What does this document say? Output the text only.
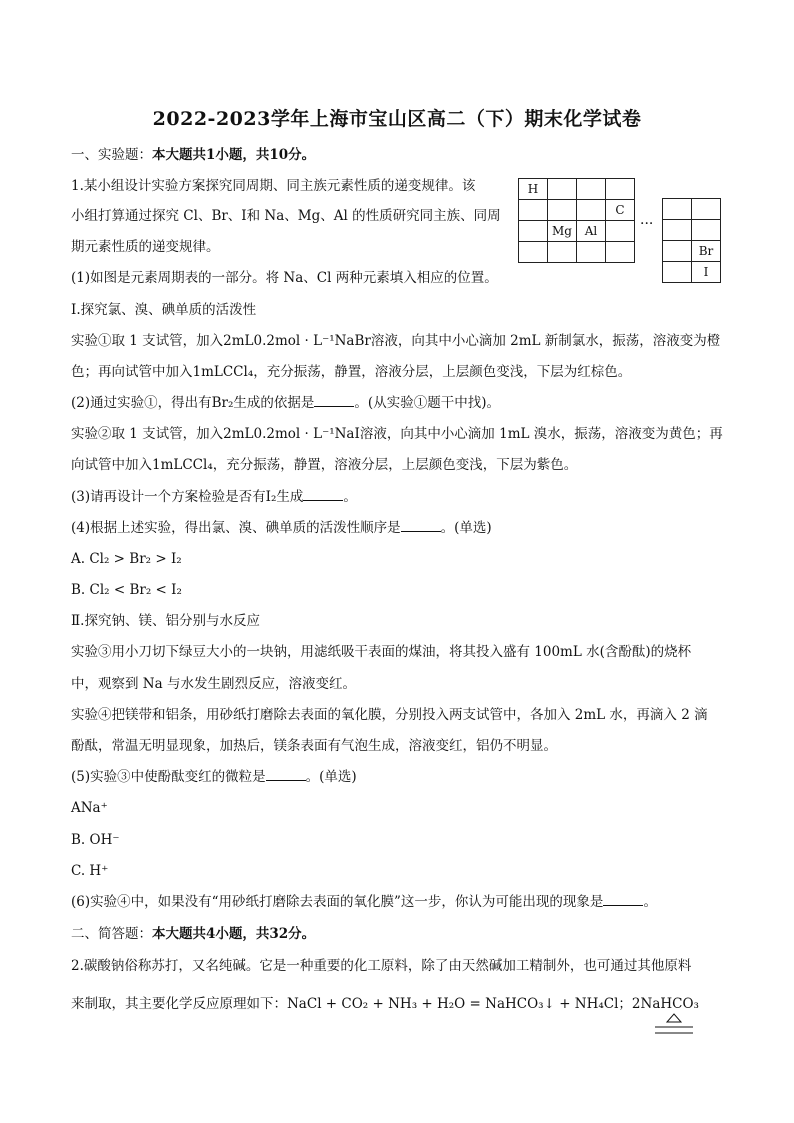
2022-2023学年上海市宝山区高二（下）期末化学试卷
一、实验题：本大题共1小题，共10分。
1.某小组设计实验方案探究同周期、同主族元素性质的递变规律。该
小组打算通过探究 Cl、Br、I和 Na、Mg、Al 的性质研究同主族、同周
期元素性质的递变规律。
(1)如图是元素周期表的一部分。将 Na、Cl 两种元素填入相应的位置。
H			
			C
	Mg	Al	
				···

	Br
	I
Ⅰ.探究氯、溴、碘单质的活泼性
实验①取 1 支试管，加入2mL0.2mol · L⁻¹NaBr溶液，向其中小心滴加 2mL 新制氯水，振荡，溶液变为橙
色；再向试管中加入1mLCCl₄，充分振荡，静置，溶液分层，上层颜色变浅，下层为红棕色。
(2)通过实验①，得出有Br₂生成的依据是	。(从实验①题干中找)。
实验②取 1 支试管，加入2mL0.2mol · L⁻¹NaI溶液，向其中小心滴加 1mL 溴水，振荡，溶液变为黄色；再
向试管中加入1mLCCl₄，充分振荡，静置，溶液分层，上层颜色变浅，下层为紫色。
(3)请再设计一个方案检验是否有I₂生成	。
(4)根据上述实验，得出氯、溴、碘单质的活泼性顺序是	。(单选)
A. Cl₂ > Br₂ > I₂
B. Cl₂ < Br₂ < I₂
Ⅱ.探究钠、镁、铝分别与水反应
实验③用小刀切下绿豆大小的一块钠，用滤纸吸干表面的煤油，将其投入盛有 100mL 水(含酚酞)的烧杯
中，观察到 Na 与水发生剧烈反应，溶液变红。
实验④把镁带和铝条，用砂纸打磨除去表面的氧化膜，分别投入两支试管中，各加入 2mL 水，再滴入 2 滴
酚酞，常温无明显现象，加热后，镁条表面有气泡生成，溶液变红，铝仍不明显。
(5)实验③中使酚酞变红的微粒是	。(单选)
ANa⁺
B. OH⁻
C. H⁺
(6)实验④中，如果没有“用砂纸打磨除去表面的氧化膜”这一步，你认为可能出现的现象是	。
二、简答题：本大题共4小题，共32分。
2.碳酸钠俗称苏打，又名纯碱。它是一种重要的化工原料，除了由天然碱加工精制外，也可通过其他原料
来制取，其主要化学反应原理如下：NaCl + CO₂ + NH₃ + H₂O = NaHCO₃↓ + NH₄Cl；2NaHCO₃
